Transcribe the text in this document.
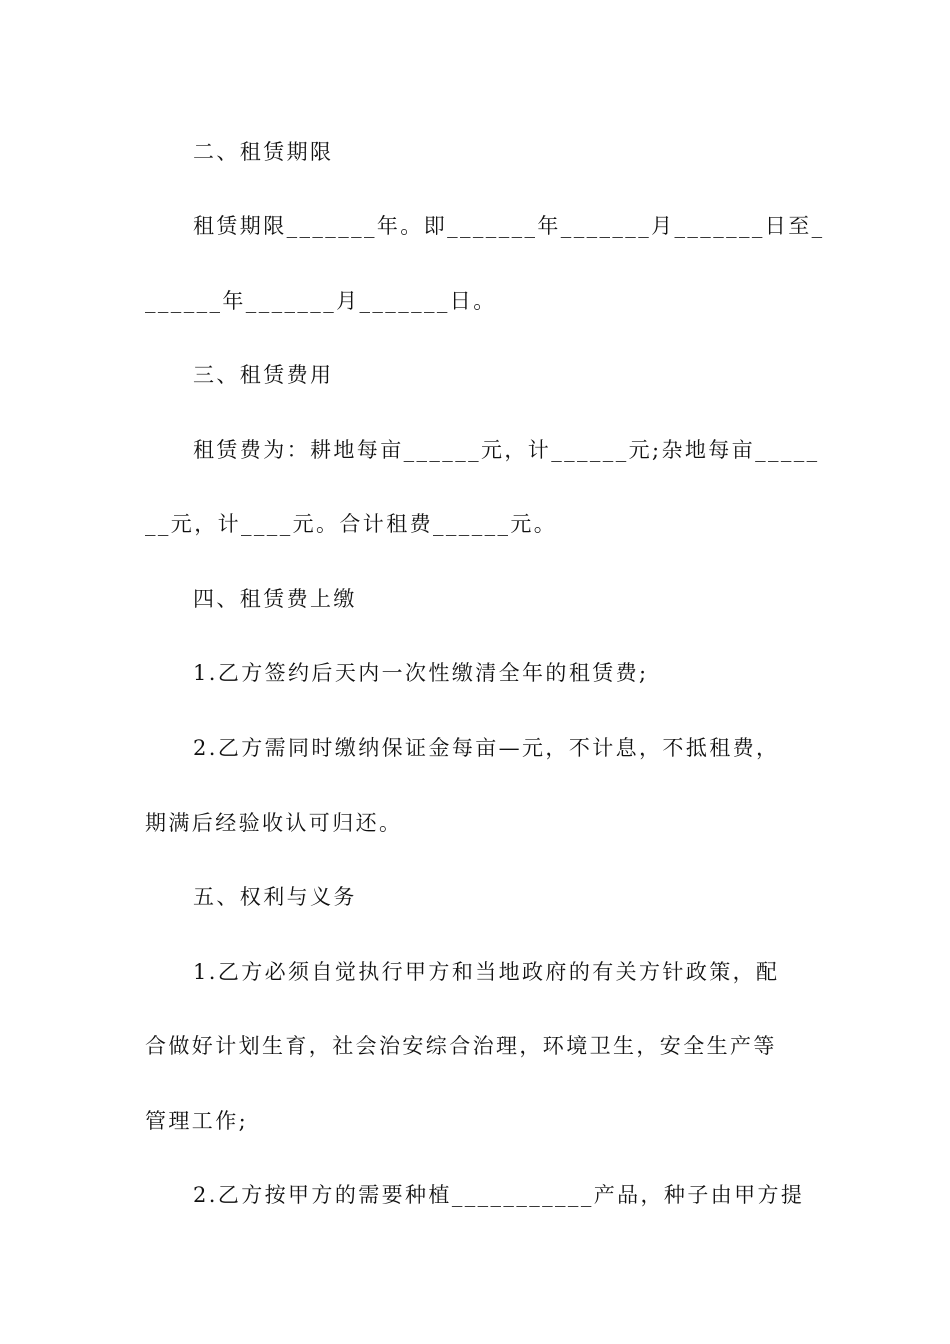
二、租赁期限
租赁期限_______年。即_______年_______月_______日至_
______年_______月_______日。
三、租赁费用
租赁费为：耕地每亩______元，计______元;杂地每亩_____
__元，计____元。合计租费______元。
四、租赁费上缴
1.乙方签约后天内一次性缴清全年的租赁费;
2.乙方需同时缴纳保证金每亩—元，不计息，不抵租费，
期满后经验收认可归还。
五、权利与义务
1.乙方必须自觉执行甲方和当地政府的有关方针政策，配
合做好计划生育，社会治安综合治理，环境卫生，安全生产等
管理工作;
2.乙方按甲方的需要种植___________产品，种子由甲方提
